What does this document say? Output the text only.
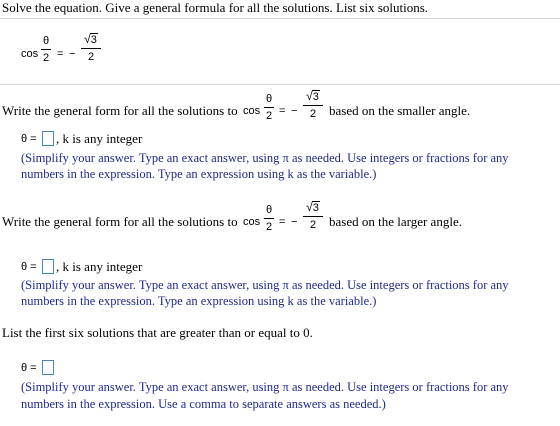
Solve the equation. Give a general formula for all the solutions. List six solutions.
cos
θ
2 = −
√ 3
2
Write the general form for all the solutions to cos
θ
2 = −
√ 3
2 based on the smaller angle.
θ = , k is any integer
(Simplify your answer. Type an exact answer, using π as needed. Use integers or fractions for any
numbers in the expression. Type an expression using k as the variable.)
Write the general form for all the solutions to cos
θ
2 = −
√ 3
2 based on the larger angle.
θ = , k is any integer
(Simplify your answer. Type an exact answer, using π as needed. Use integers or fractions for any
numbers in the expression. Type an expression using k as the variable.)
List the first six solutions that are greater than or equal to 0.
θ =
(Simplify your answer. Type an exact answer, using π as needed. Use integers or fractions for any
numbers in the expression. Use a comma to separate answers as needed.)
